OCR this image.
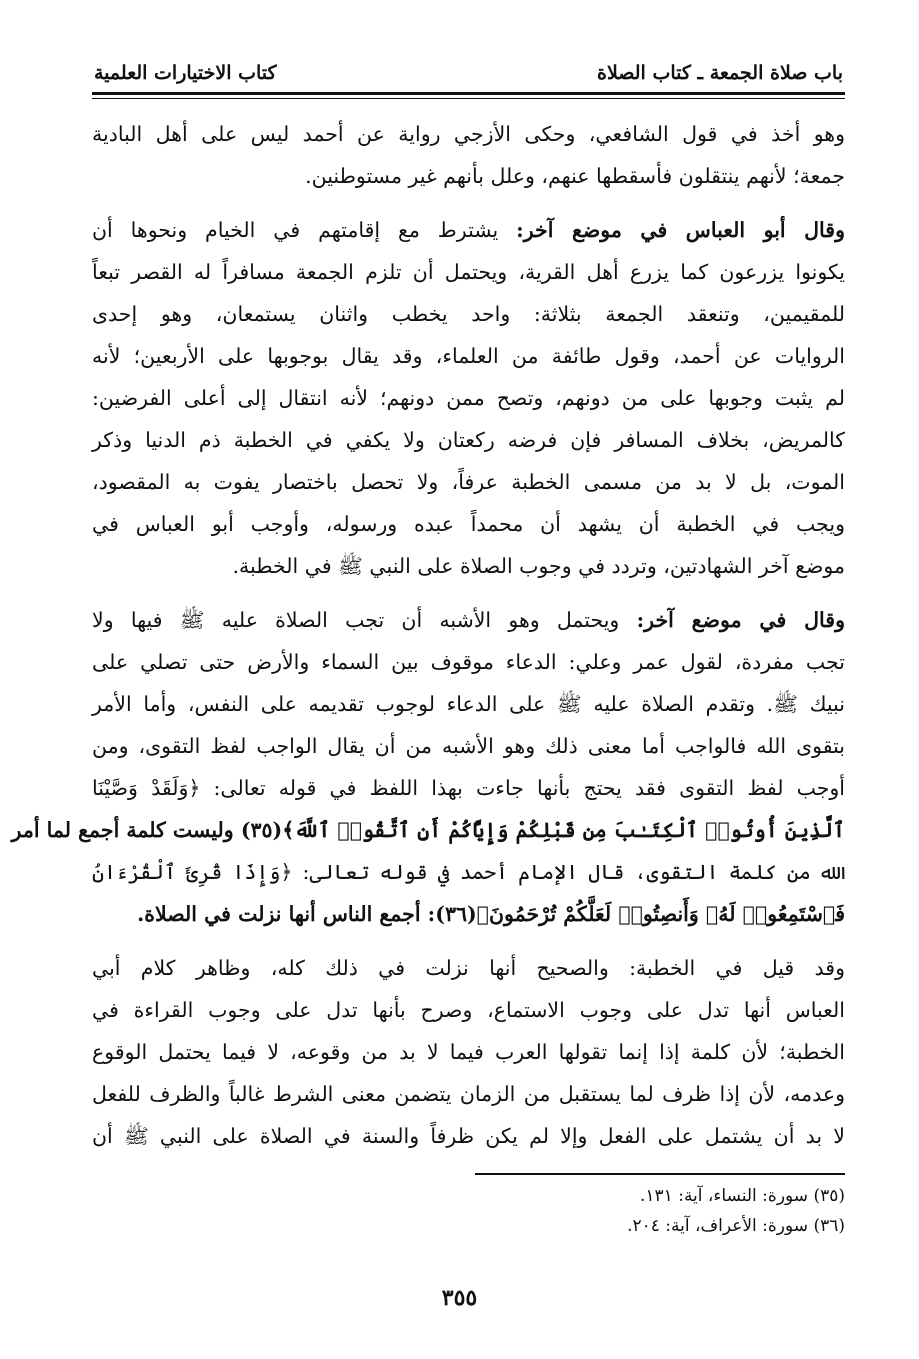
باب صلاة الجمعة ـ كتاب الصلاة
كتاب الاختيارات العلمية

وهو أخذ في قول الشافعي، وحكى الأزجي رواية عن أحمد ليس على أهل البادية

جمعة؛ لأنهم ينتقلون فأسقطها عنهم، وعلل بأنهم غير مستوطنين.

وقال أبو العباس في موضع آخر: يشترط مع إقامتهم في الخيام ونحوها أن

يكونوا يزرعون كما يزرع أهل القرية، ويحتمل أن تلزم الجمعة مسافراً له القصر تبعاً

للمقيمين، وتنعقد الجمعة بثلاثة: واحد يخطب واثنان يستمعان، وهو إحدى

الروايات عن أحمد، وقول طائفة من العلماء، وقد يقال بوجوبها على الأربعين؛ لأنه

لم يثبت وجوبها على من دونهم، وتصح ممن دونهم؛ لأنه انتقال إلى أعلى الفرضين:

كالمريض، بخلاف المسافر فإن فرضه ركعتان ولا يكفي في الخطبة ذم الدنيا وذكر

الموت، بل لا بد من مسمى الخطبة عرفاً، ولا تحصل باختصار يفوت به المقصود،

ويجب في الخطبة أن يشهد أن محمداً عبده ورسوله، وأوجب أبو العباس في

موضع آخر الشهادتين، وتردد في وجوب الصلاة على النبي ﷺ في الخطبة.

وقال في موضع آخر: ويحتمل وهو الأشبه أن تجب الصلاة عليه ﷺ فيها ولا

تجب مفردة، لقول عمر وعلي: الدعاء موقوف بين السماء والأرض حتى تصلي على

نبيك ﷺ. وتقدم الصلاة عليه ﷺ على الدعاء لوجوب تقديمه على النفس، وأما الأمر

بتقوى الله فالواجب أما معنى ذلك وهو الأشبه من أن يقال الواجب لفظ التقوى، ومن

أوجب لفظ التقوى فقد يحتج بأنها جاءت بهذا اللفظ في قوله تعالى: ﴿وَلَقَدْ وَصَّيْنَا

ٱلَّذِينَ أُوتُوا۟ ٱلْكِتَـٰبَ مِن قَبْلِكُمْ وَإِيَّاكُمْ أَنِ ٱتَّقُوا۟ ٱللَّهَ﴾(٣٥) وليست كلمة أجمع لما أمر

الله من كلمة التقوى، قال الإمام أحمد في قوله تعالى: ﴿وَإِذَا قُرِئَ ٱلْقُرْءَانُ

فَٱسْتَمِعُوا۟ لَهُۥ وَأَنصِتُوا۟ لَعَلَّكُمْ تُرْحَمُونَ﴾(٣٦): أجمع الناس أنها نزلت في الصلاة.

وقد قيل في الخطبة: والصحيح أنها نزلت في ذلك كله، وظاهر كلام أبي

العباس أنها تدل على وجوب الاستماع، وصرح بأنها تدل على وجوب القراءة في

الخطبة؛ لأن كلمة إذا إنما تقولها العرب فيما لا بد من وقوعه، لا فيما يحتمل الوقوع

وعدمه، لأن إذا ظرف لما يستقبل من الزمان يتضمن معنى الشرط غالباً والظرف للفعل

لا بد أن يشتمل على الفعل وإلا لم يكن ظرفاً والسنة في الصلاة على النبي ﷺ أن

(٣٥) سورة: النساء، آية: ١٣١.
(٣٦) سورة: الأعراف، آية: ٢٠٤.
٣٥٥
